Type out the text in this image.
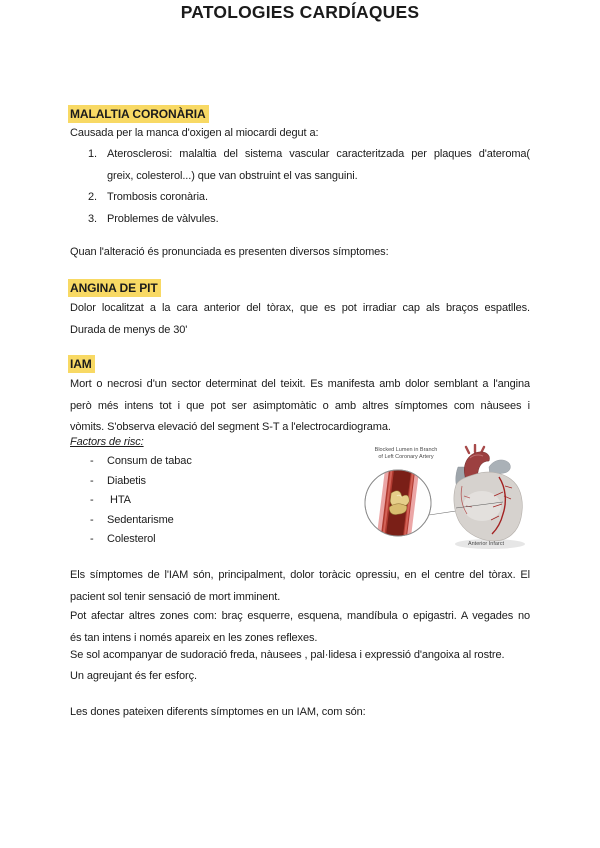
PATOLOGIES CARDÍAQUES
MALALTIA CORONÀRIA
Causada per la manca d'oxigen al miocardi degut a:
1. Aterosclerosi: malaltia del sistema vascular caracteritzada per plaques d'ateroma(
greix, colesterol...) que van obstruint el vas sanguini.
2. Trombosis coronària.
3. Problemes de vàlvules.
Quan l'alteració és pronunciada es presenten diversos símptomes:
ANGINA DE PIT
Dolor localitzat a la cara anterior del tòrax, que es pot irradiar cap als braços espatlles.
Durada de menys de 30'
IAM
Mort o necrosi d'un sector determinat del teixit. Es manifesta amb dolor semblant a l'angina
però més intens tot i que pot ser asimptomàtic o amb altres símptomes com nàusees i
vòmits. S'observa elevació del segment S-T a l'electrocardiograma.
Factors de risc:
- Consum de tabac
- Diabetis
- HTA
- Sedentarisme
- Colesterol
Blocked Lumen in Branch
of Left Coronary Artery
Anterior Infarct
Els símptomes de l'IAM són, principalment, dolor toràcic opressiu, en el centre del tòrax. El
pacient sol tenir sensació de mort imminent.
Pot afectar altres zones com: braç esquerre, esquena, mandíbula o epigastri. A vegades no
és tan intens i només apareix en les zones reflexes.
Se sol acompanyar de sudoració freda, nàusees , pal·lidesa i expressió d'angoixa al rostre.
Un agreujant és fer esforç.
Les dones pateixen diferents símptomes en un IAM, com són:
